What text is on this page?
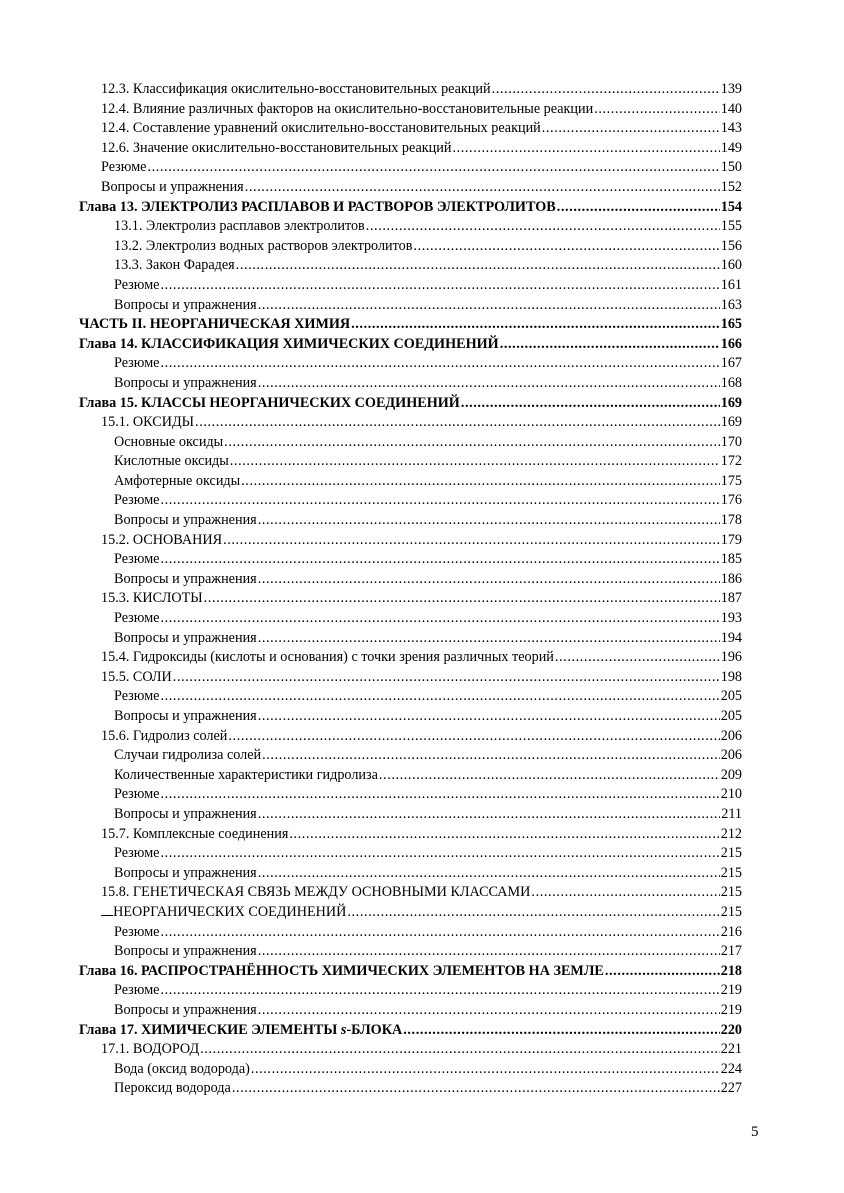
12.3. Классификация окислительно-восстановительных реакций .....	139
12.4. Влияние различных факторов на окислительно-восстановительные реакции .....	140
12.4. Составление уравнений окислительно-восстановительных реакций .....	143
12.6. Значение окислительно-восстановительных реакций .....	149
Резюме .....	150
Вопросы и упражнения .....	152
Глава 13. ЭЛЕКТРОЛИЗ РАСПЛАВОВ И РАСТВОРОВ ЭЛЕКТРОЛИТОВ .....	154
13.1. Электролиз расплавов электролитов .....	155
13.2. Электролиз водных растворов электролитов .....	156
13.3. Закон Фарадея .....	160
Резюме .....	161
Вопросы и упражнения .....	163
ЧАСТЬ II. НЕОРГАНИЧЕСКАЯ ХИМИЯ .....	165
Глава 14. КЛАССИФИКАЦИЯ ХИМИЧЕСКИХ СОЕДИНЕНИЙ .....	166
Резюме .....	167
Вопросы и упражнения .....	168
Глава 15. КЛАССЫ НЕОРГАНИЧЕСКИХ СОЕДИНЕНИЙ .....	169
15.1. ОКСИДЫ .....	169
Основные оксиды .....	170
Кислотные оксиды .....	172
Амфотерные оксиды .....	175
Резюме .....	176
Вопросы и упражнения .....	178
15.2. ОСНОВАНИЯ .....	179
Резюме .....	185
Вопросы и упражнения .....	186
15.3. КИСЛОТЫ .....	187
Резюме .....	193
Вопросы и упражнения .....	194
15.4. Гидроксиды (кислоты и основания) с точки зрения различных теорий .....	196
15.5. СОЛИ .....	198
Резюме .....	205
Вопросы и упражнения .....	205
15.6. Гидролиз солей .....	206
Случаи гидролиза солей .....	206
Количественные характеристики гидролиза .....	209
Резюме .....	210
Вопросы и упражнения .....	211
15.7. Комплексные соединения .....	212
Резюме .....	215
Вопросы и упражнения .....	215
15.8. ГЕНЕТИЧЕСКАЯ СВЯЗЬ МЕЖДУ ОСНОВНЫМИ КЛАССАМИ .....	215
НЕОРГАНИЧЕСКИХ СОЕДИНЕНИЙ .....	215
Резюме .....	216
Вопросы и упражнения .....	217
Глава 16. РАСПРОСТРАНЁННОСТЬ ХИМИЧЕСКИХ ЭЛЕМЕНТОВ НА ЗЕМЛЕ .....	218
Резюме .....	219
Вопросы и упражнения .....	219
Глава 17. ХИМИЧЕСКИЕ ЭЛЕМЕНТЫ s-БЛОКА .....	220
17.1. ВОДОРОД .....	221
Вода (оксид водорода) .....	224
Пероксид водорода .....	227
5
